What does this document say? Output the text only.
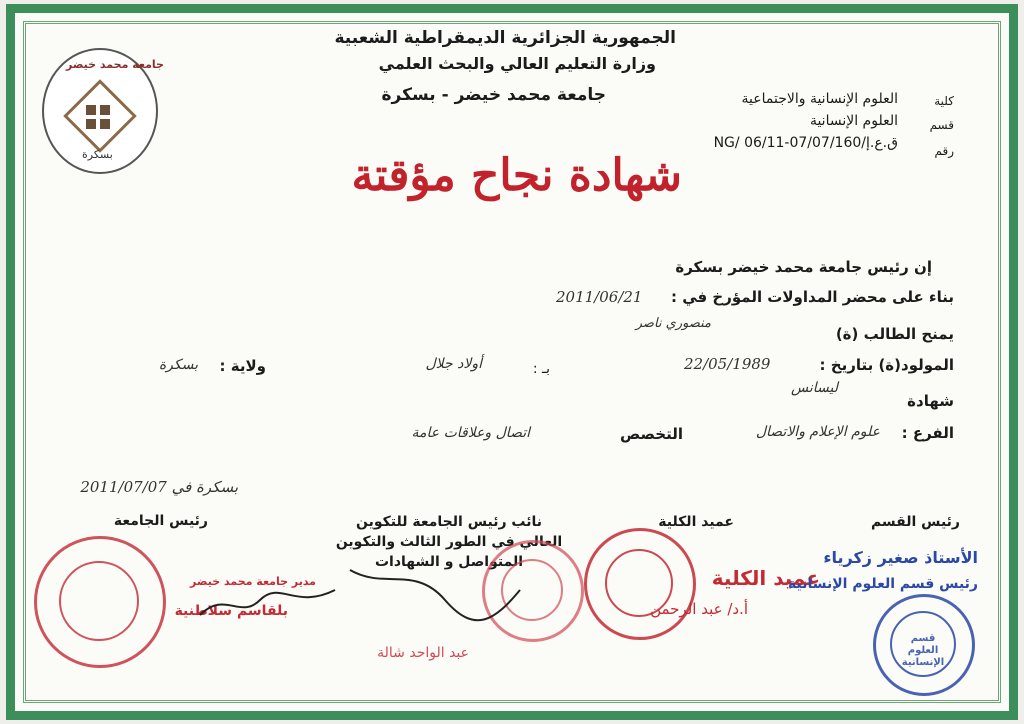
الجمهورية الجزائرية الديمقراطية الشعبية
وزارة التعليم العالي والبحث العلمي
جامعة محمد خيضر - بسكرة
جامعة محمد خيضر
بسكرة
كلية
العلوم الإنسانية والاجتماعية
قسم
العلوم الإنسانية
رقم
ق.ع.إ/160/NG/ 06/11-07/07
شهادة نجاح مؤقتة
إن رئيس جامعة محمد خيضر بسكرة
بناء على محضر المداولات المؤرخ في :
2011/06/21
منصوري ناصر
يمنح الطالب (ة)
المولود(ة) بتاريخ :
22/05/1989
بـ :
أولاد جلال
ولاية :
بسكرة
ليسانس
شهادة
الفرع :
علوم الإعلام والاتصال
التخصص
اتصال وعلاقات عامة
بسكرة في 2011/07/07
رئيس القسم
عميد الكلية
نائب رئيس الجامعة للتكوين العالي في الطور الثالث والتكوين المتواصل و الشهادات
رئيس الجامعة
مدير جامعة محمد خيضر
بلقاسم سلاطنية
عبد الواحد شالة
عميد الكلية
أ.د/ عبد الرحمن
الأستاذ صغير زكرياء
رئيس قسم العلوم الإنسانية
قسم العلوم الإنسانية
